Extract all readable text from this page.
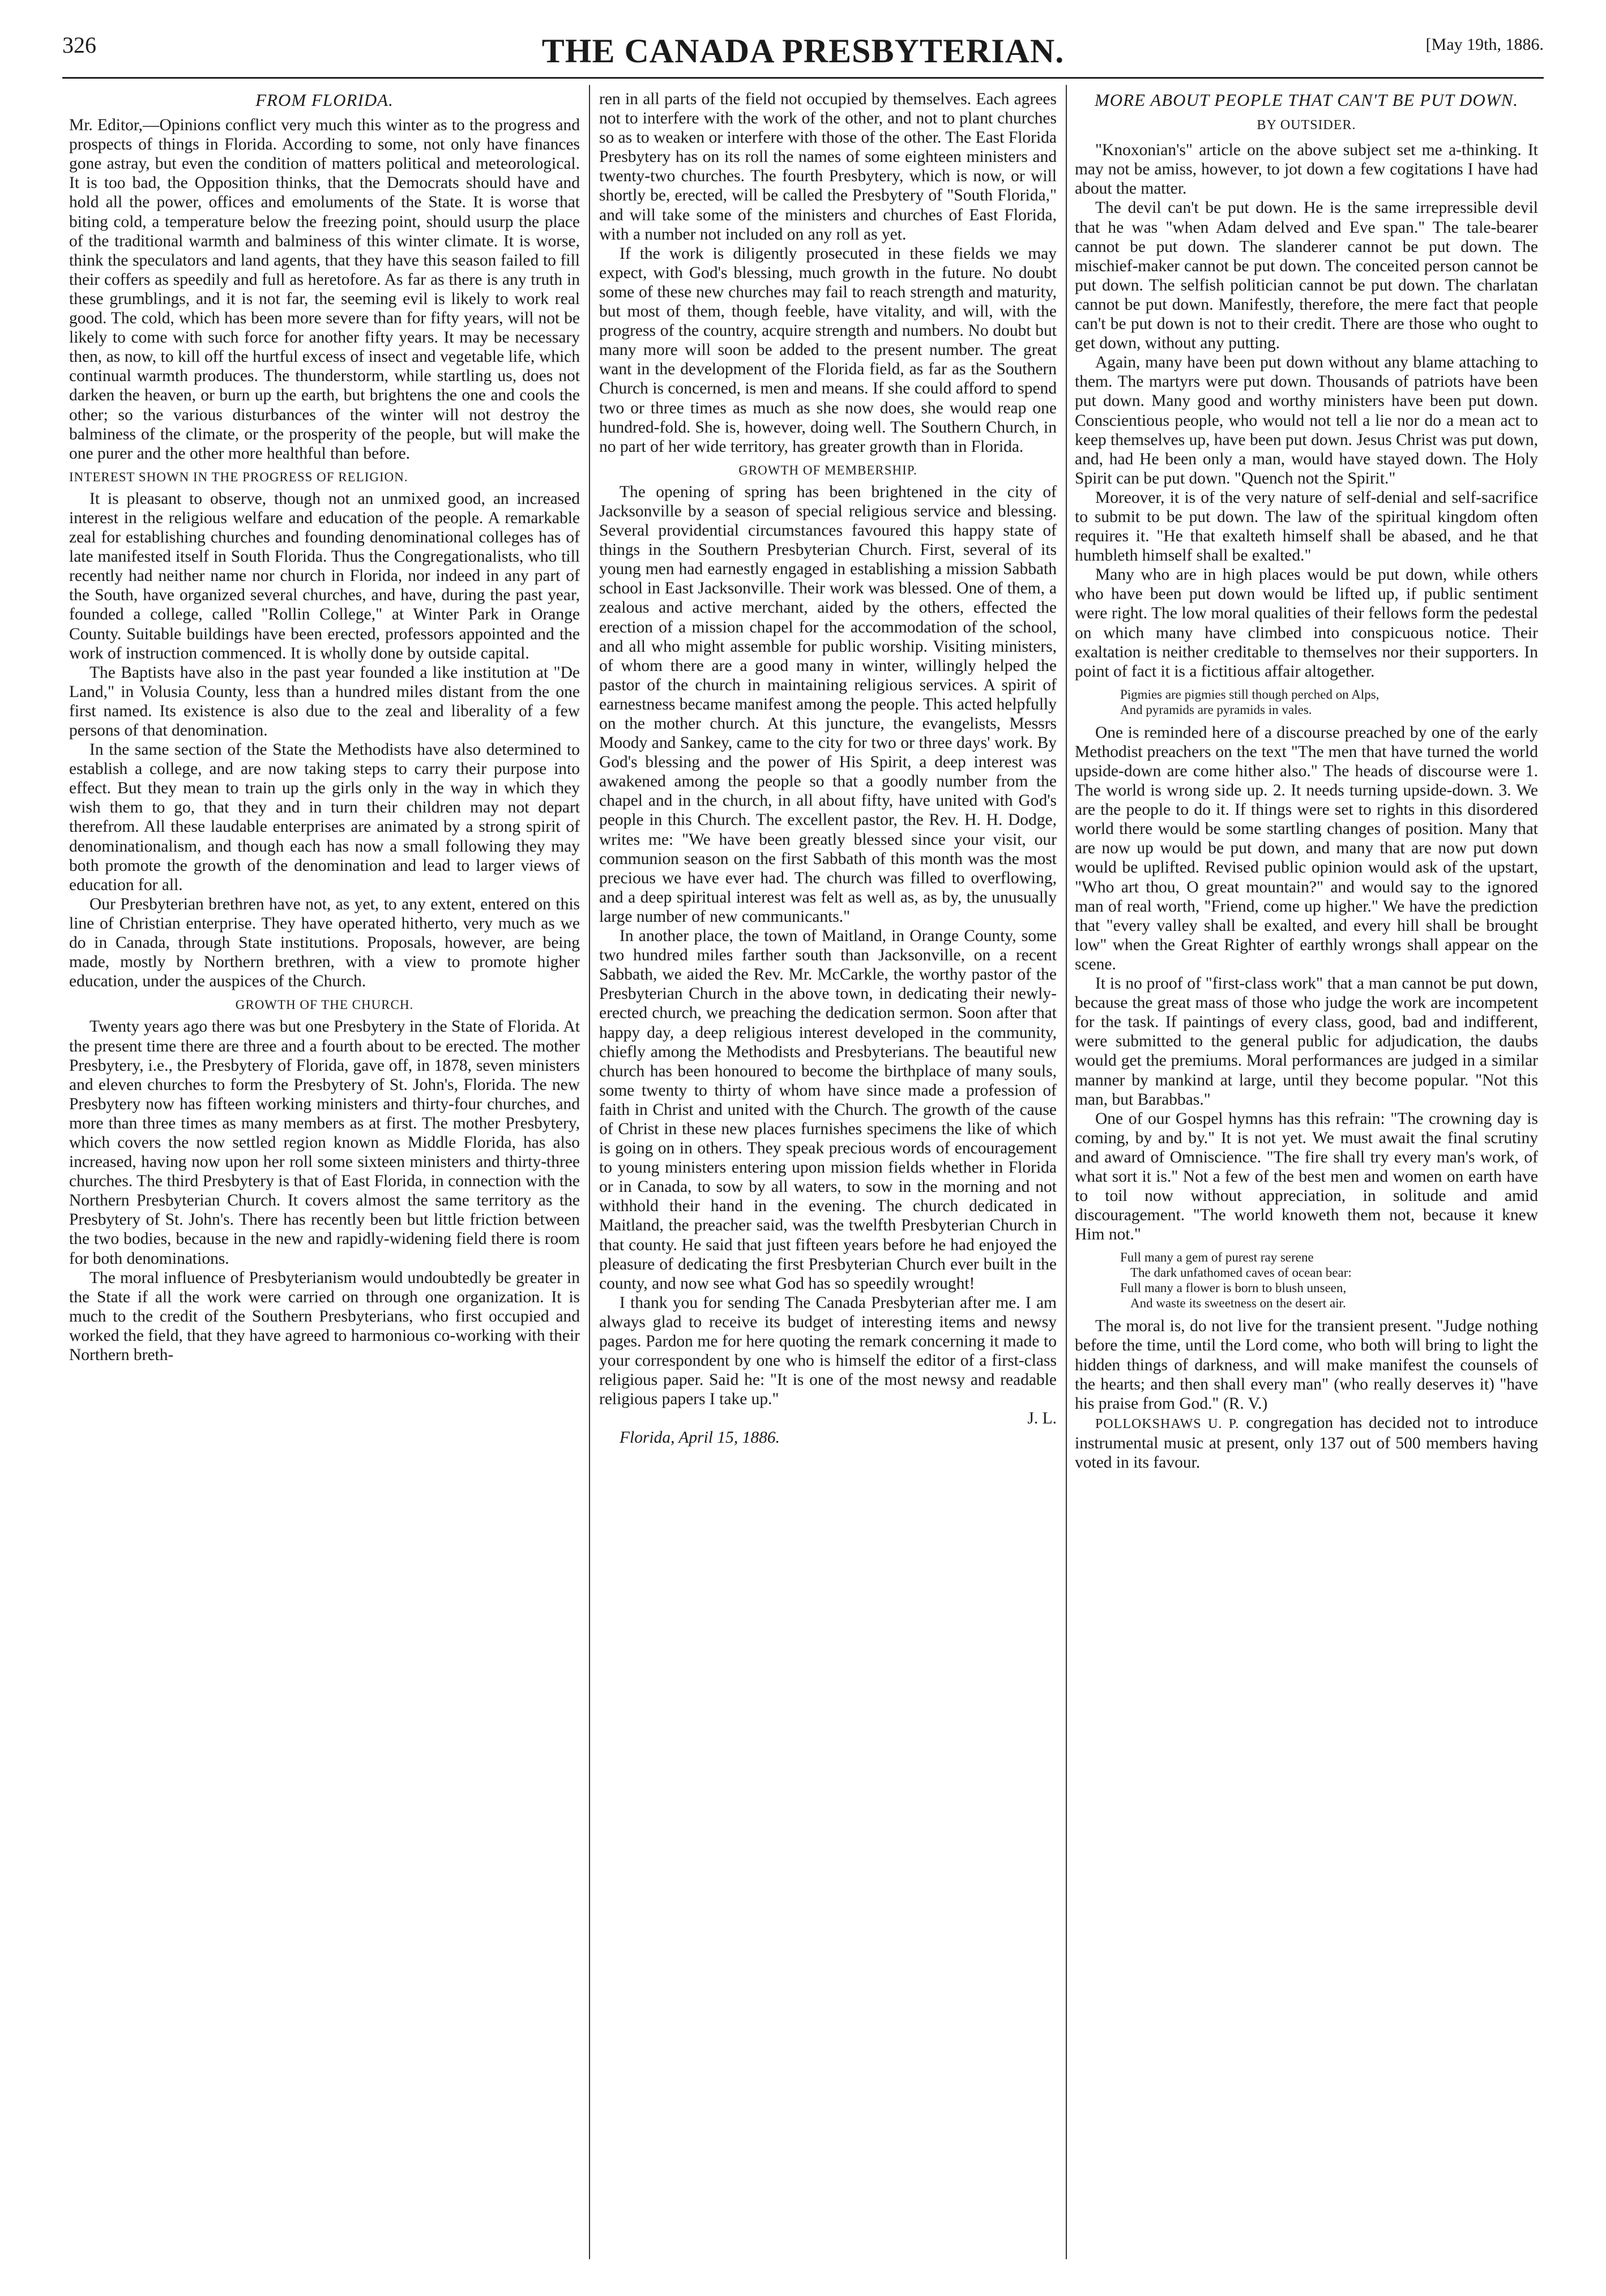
326	THE CANADA PRESBYTERIAN.	[May 19th, 1886.
FROM FLORIDA.

Mr. Editor,—Opinions conflict very much this winter as to the progress and prospects of things in Florida. According to some, not only have finances gone astray, but even the condition of matters political and meteorological. It is too bad, the Opposition thinks, that the Democrats should have and hold all the power, offices and emoluments of the State. It is worse that biting cold, a temperature below the freezing point, should usurp the place of the traditional warmth and balminess of this winter climate. It is worse, think the speculators and land agents, that they have this season failed to fill their coffers as speedily and full as heretofore. As far as there is any truth in these grumblings, and it is not far, the seeming evil is likely to work real good. The cold, which has been more severe than for fifty years, will not be likely to come with such force for another fifty years. It may be necessary then, as now, to kill off the hurtful excess of insect and vegetable life, which continual warmth produces. The thunderstorm, while startling us, does not darken the heaven, or burn up the earth, but brightens the one and cools the other; so the various disturbances of the winter will not destroy the balminess of the climate, or the prosperity of the people, but will make the one purer and the other more healthful than before.

INTEREST SHOWN IN THE PROGRESS OF RELIGION.

It is pleasant to observe, though not an unmixed good, an increased interest in the religious welfare and education of the people. A remarkable zeal for establishing churches and founding denominational colleges has of late manifested itself in South Florida. Thus the Congregationalists, who till recently had neither name nor church in Florida, nor indeed in any part of the South, have organized several churches, and have, during the past year, founded a college, called "Rollin College," at Winter Park in Orange County. Suitable buildings have been erected, professors appointed and the work of instruction commenced. It is wholly done by outside capital.

The Baptists have also in the past year founded a like institution at "De Land," in Volusia County, less than a hundred miles distant from the one first named. Its existence is also due to the zeal and liberality of a few persons of that denomination.

In the same section of the State the Methodists have also determined to establish a college, and are now taking steps to carry their purpose into effect. But they mean to train up the girls only in the way in which they wish them to go, that they and in turn their children may not depart therefrom. All these laudable enterprises are animated by a strong spirit of denominationalism, and though each has now a small following they may both promote the growth of the denomination and lead to larger views of education for all.

Our Presbyterian brethren have not, as yet, to any extent, entered on this line of Christian enterprise. They have operated hitherto, very much as we do in Canada, through State institutions. Proposals, however, are being made, mostly by Northern brethren, with a view to promote higher education, under the auspices of the Church.

GROWTH OF THE CHURCH.

Twenty years ago there was but one Presbytery in the State of Florida. At the present time there are three and a fourth about to be erected. The mother Presbytery, i.e., the Presbytery of Florida, gave off, in 1878, seven ministers and eleven churches to form the Presbytery of St. John's, Florida. The new Presbytery now has fifteen working ministers and thirty-four churches, and more than three times as many members as at first. The mother Presbytery, which covers the now settled region known as Middle Florida, has also increased, having now upon her roll some sixteen ministers and thirty-three churches. The third Presbytery is that of East Florida, in connection with the Northern Presbyterian Church. It covers almost the same territory as the Presbytery of St. John's. There has recently been but little friction between the two bodies, because in the new and rapidly-widening field there is room for both denominations.

The moral influence of Presbyterianism would undoubtedly be greater in the State if all the work were carried on through one organization. It is much to the credit of the Southern Presbyterians, who first occupied and worked the field, that they have agreed to harmonious co-working with their Northern breth-

ren in all parts of the field not occupied by themselves. Each agrees not to interfere with the work of the other, and not to plant churches so as to weaken or interfere with those of the other. The East Florida Presbytery has on its roll the names of some eighteen ministers and twenty-two churches. The fourth Presbytery, which is now, or will shortly be, erected, will be called the Presbytery of "South Florida," and will take some of the ministers and churches of East Florida, with a number not included on any roll as yet.

If the work is diligently prosecuted in these fields we may expect, with God's blessing, much growth in the future. No doubt some of these new churches may fail to reach strength and maturity, but most of them, though feeble, have vitality, and will, with the progress of the country, acquire strength and numbers. No doubt but many more will soon be added to the present number. The great want in the development of the Florida field, as far as the Southern Church is concerned, is men and means. If she could afford to spend two or three times as much as she now does, she would reap one hundred-fold. She is, however, doing well. The Southern Church, in no part of her wide territory, has greater growth than in Florida.

GROWTH OF MEMBERSHIP.

The opening of spring has been brightened in the city of Jacksonville by a season of special religious service and blessing. Several providential circumstances favoured this happy state of things in the Southern Presbyterian Church. First, several of its young men had earnestly engaged in establishing a mission Sabbath school in East Jacksonville. Their work was blessed. One of them, a zealous and active merchant, aided by the others, effected the erection of a mission chapel for the accommodation of the school, and all who might assemble for public worship. Visiting ministers, of whom there are a good many in winter, willingly helped the pastor of the church in maintaining religious services. A spirit of earnestness became manifest among the people. This acted helpfully on the mother church. At this juncture, the evangelists, Messrs Moody and Sankey, came to the city for two or three days' work. By God's blessing and the power of His Spirit, a deep interest was awakened among the people so that a goodly number from the chapel and in the church, in all about fifty, have united with God's people in this Church. The excellent pastor, the Rev. H. H. Dodge, writes me: "We have been greatly blessed since your visit, our communion season on the first Sabbath of this month was the most precious we have ever had. The church was filled to overflowing, and a deep spiritual interest was felt as well as, as by, the unusually large number of new communicants."

In another place, the town of Maitland, in Orange County, some two hundred miles farther south than Jacksonville, on a recent Sabbath, we aided the Rev. Mr. McCarkle, the worthy pastor of the Presbyterian Church in the above town, in dedicating their newly-erected church, we preaching the dedication sermon. Soon after that happy day, a deep religious interest developed in the community, chiefly among the Methodists and Presbyterians. The beautiful new church has been honoured to become the birthplace of many souls, some twenty to thirty of whom have since made a profession of faith in Christ and united with the Church. The growth of the cause of Christ in these new places furnishes specimens the like of which is going on in others. They speak precious words of encouragement to young ministers entering upon mission fields whether in Florida or in Canada, to sow by all waters, to sow in the morning and not withhold their hand in the evening. The church dedicated in Maitland, the preacher said, was the twelfth Presbyterian Church in that county. He said that just fifteen years before he had enjoyed the pleasure of dedicating the first Presbyterian Church ever built in the county, and now see what God has so speedily wrought!

I thank you for sending The Canada Presbyterian after me. I am always glad to receive its budget of interesting items and newsy pages. Pardon me for here quoting the remark concerning it made to your correspondent by one who is himself the editor of a first-class religious paper. Said he: "It is one of the most newsy and readable religious papers I take up."

J. L.

Florida, April 15, 1886.

MORE ABOUT PEOPLE THAT CAN'T BE PUT DOWN.
BY OUTSIDER.

"Knoxonian's" article on the above subject set me a-thinking. It may not be amiss, however, to jot down a few cogitations I have had about the matter.

The devil can't be put down. He is the same irrepressible devil that he was "when Adam delved and Eve span." The tale-bearer cannot be put down. The slanderer cannot be put down. The mischief-maker cannot be put down. The conceited person cannot be put down. The selfish politician cannot be put down. The charlatan cannot be put down. Manifestly, therefore, the mere fact that people can't be put down is not to their credit. There are those who ought to get down, without any putting.

Again, many have been put down without any blame attaching to them. The martyrs were put down. Thousands of patriots have been put down. Many good and worthy ministers have been put down. Conscientious people, who would not tell a lie nor do a mean act to keep themselves up, have been put down. Jesus Christ was put down, and, had He been only a man, would have stayed down. The Holy Spirit can be put down. "Quench not the Spirit."

Moreover, it is of the very nature of self-denial and self-sacrifice to submit to be put down. The law of the spiritual kingdom often requires it. "He that exalteth himself shall be abased, and he that humbleth himself shall be exalted."

Many who are in high places would be put down, while others who have been put down would be lifted up, if public sentiment were right. The low moral qualities of their fellows form the pedestal on which many have climbed into conspicuous notice. Their exaltation is neither creditable to themselves nor their supporters. In point of fact it is a fictitious affair altogether.

Pigmies are pigmies still though perched on Alps,
And pyramids are pyramids in vales.

One is reminded here of a discourse preached by one of the early Methodist preachers on the text "The men that have turned the world upside-down are come hither also." The heads of discourse were 1. The world is wrong side up. 2. It needs turning upside-down. 3. We are the people to do it. If things were set to rights in this disordered world there would be some startling changes of position. Many that are now up would be put down, and many that are now put down would be uplifted. Revised public opinion would ask of the upstart, "Who art thou, O great mountain?" and would say to the ignored man of real worth, "Friend, come up higher." We have the prediction that "every valley shall be exalted, and every hill shall be brought low" when the Great Righter of earthly wrongs shall appear on the scene.

It is no proof of "first-class work" that a man cannot be put down, because the great mass of those who judge the work are incompetent for the task. If paintings of every class, good, bad and indifferent, were submitted to the general public for adjudication, the daubs would get the premiums. Moral performances are judged in a similar manner by mankind at large, until they become popular. "Not this man, but Barabbas."

One of our Gospel hymns has this refrain: "The crowning day is coming, by and by." It is not yet. We must await the final scrutiny and award of Omniscience. "The fire shall try every man's work, of what sort it is." Not a few of the best men and women on earth have to toil now without appreciation, in solitude and amid discouragement. "The world knoweth them not, because it knew Him not."

Full many a gem of purest ray serene
The dark unfathomed caves of ocean bear:
Full many a flower is born to blush unseen,
And waste its sweetness on the desert air.

The moral is, do not live for the transient present. "Judge nothing before the time, until the Lord come, who both will bring to light the hidden things of darkness, and will make manifest the counsels of the hearts; and then shall every man" (who really deserves it) "have his praise from God." (R. V.)

POLLOKSHAWS U. P. congregation has decided not to introduce instrumental music at present, only 137 out of 500 members having voted in its favour.
